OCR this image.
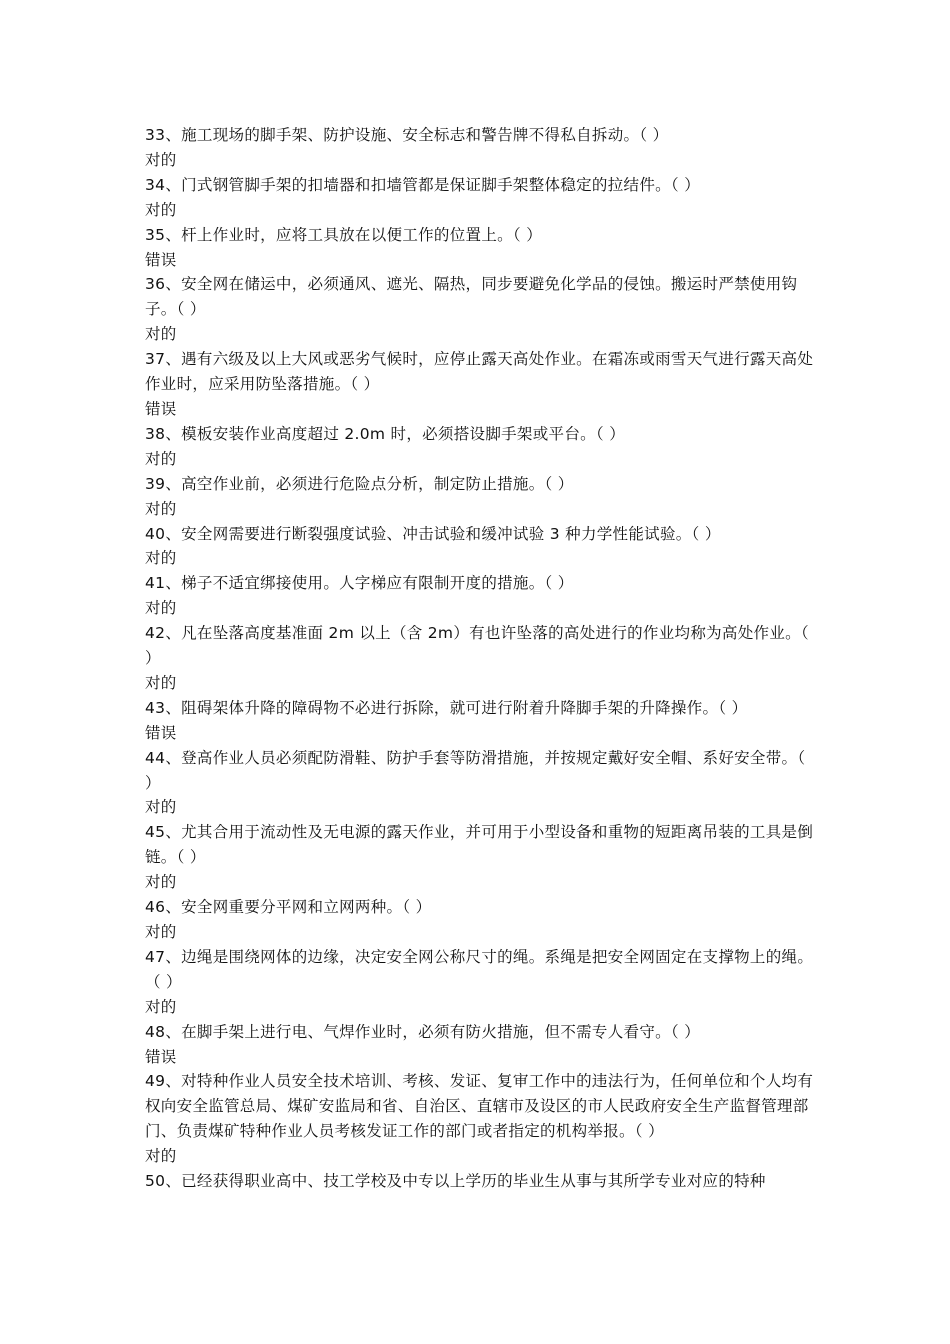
33、施工现场的脚手架、防护设施、安全标志和警告牌不得私自拆动。（ ）
对的
34、门式钢管脚手架的扣墙器和扣墙管都是保证脚手架整体稳定的拉结件。（ ）
对的
35、杆上作业时，应将工具放在以便工作的位置上。（ ）
错误
36、安全网在储运中，必须通风、遮光、隔热，同步要避免化学品的侵蚀。搬运时严禁使用钩子。（ ）
对的
37、遇有六级及以上大风或恶劣气候时，应停止露天高处作业。在霜冻或雨雪天气进行露天高处作业时，应采用防坠落措施。（ ）
错误
38、模板安装作业高度超过 2.0m 时，必须搭设脚手架或平台。（ ）
对的
39、高空作业前，必须进行危险点分析，制定防止措施。（ ）
对的
40、安全网需要进行断裂强度试验、冲击试验和缓冲试验 3 种力学性能试验。（ ）
对的
41、梯子不适宜绑接使用。人字梯应有限制开度的措施。（ ）
对的
42、凡在坠落高度基准面 2m 以上（含 2m）有也许坠落的高处进行的作业均称为高处作业。（ ）
对的
43、阻碍架体升降的障碍物不必进行拆除，就可进行附着升降脚手架的升降操作。（ ）
错误
44、登高作业人员必须配防滑鞋、防护手套等防滑措施，并按规定戴好安全帽、系好安全带。（ ）
对的
45、尤其合用于流动性及无电源的露天作业，并可用于小型设备和重物的短距离吊装的工具是倒链。（ ）
对的
46、安全网重要分平网和立网两种。（ ）
对的
47、边绳是围绕网体的边缘，决定安全网公称尺寸的绳。系绳是把安全网固定在支撑物上的绳。（ ）
对的
48、在脚手架上进行电、气焊作业时，必须有防火措施，但不需专人看守。（ ）
错误
49、对特种作业人员安全技术培训、考核、发证、复审工作中的违法行为，任何单位和个人均有权向安全监管总局、煤矿安监局和省、自治区、直辖市及设区的市人民政府安全生产监督管理部门、负责煤矿特种作业人员考核发证工作的部门或者指定的机构举报。（ ）
对的
50、已经获得职业高中、技工学校及中专以上学历的毕业生从事与其所学专业对应的特种
